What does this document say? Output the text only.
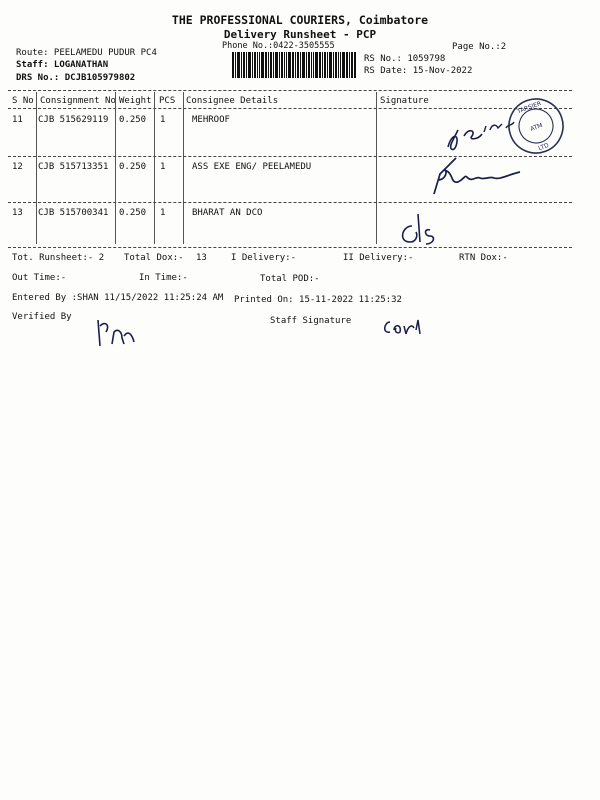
THE PROFESSIONAL COURIERS, Coimbatore
Delivery Runsheet - PCP
Phone No.:0422-3505555	Page No.:2
Route: PEELAMEDU PUDUR PC4
Staff: LOGANATHAN
DRS No.: DCJB105979802
RS No.: 1059798
RS Date: 15-Nov-2022
S No Consignment No Weight PCS Consignee Details	Signature
11 CJB 515629119 0.250 1	MEHROOF
12 CJB 515713351 0.250 1	ASS EXE ENG/ PEELAMEDU
13 CJB 515700341 0.250 1	BHARAT AN DCO
TARSIER
ATM
LTD
Tot. Runsheet:- 2 Total Dox:- 13	I Delivery:-	II Delivery:-	RTN Dox:-
Out Time:-	In Time:-	Total POD:-
Entered By :SHAN 11/15/2022 11:25:24 AM Printed On: 15-11-2022 11:25:32
Verified By	Staff Signature
